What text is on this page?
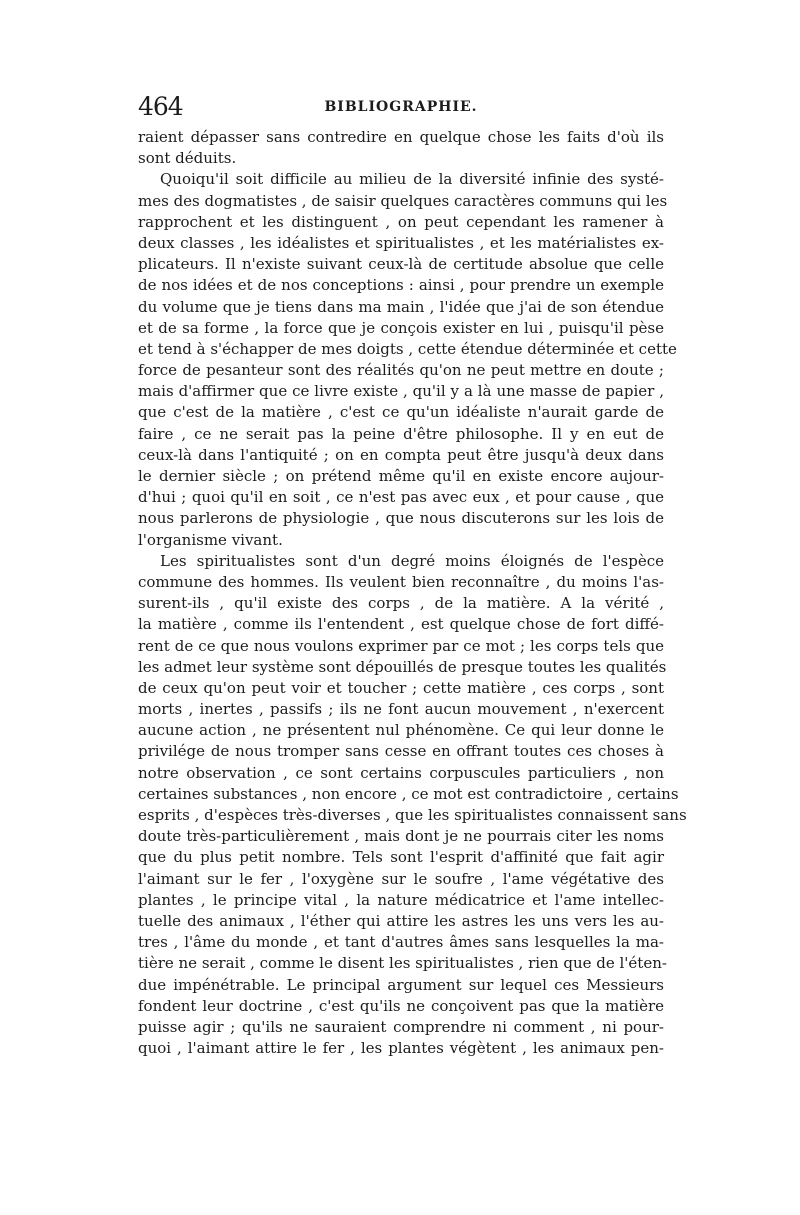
464	BIBLIOGRAPHIE.
raient dépasser sans contredire en quelque chose les faits d'où ils
sont déduits.
Quoiqu'il soit difficile au milieu de la diversité infinie des systé-
mes des dogmatistes , de saisir quelques caractères communs qui les
rapprochent et les distinguent , on peut cependant les ramener à
deux classes , les idéalistes et spiritualistes , et les matérialistes ex-
plicateurs. Il n'existe suivant ceux-là de certitude absolue que celle
de nos idées et de nos conceptions : ainsi , pour prendre un exemple
du volume que je tiens dans ma main , l'idée que j'ai de son étendue
et de sa forme , la force que je conçois exister en lui , puisqu'il pèse
et tend à s'échapper de mes doigts , cette étendue déterminée et cette
force de pesanteur sont des réalités qu'on ne peut mettre en doute ;
mais d'affirmer que ce livre existe , qu'il y a là une masse de papier ,
que c'est de la matière , c'est ce qu'un idéaliste n'aurait garde de
faire , ce ne serait pas la peine d'être philosophe. Il y en eut de
ceux-là dans l'antiquité ; on en compta peut être jusqu'à deux dans
le dernier siècle ; on prétend même qu'il en existe encore aujour-
d'hui ; quoi qu'il en soit , ce n'est pas avec eux , et pour cause , que
nous parlerons de physiologie , que nous discuterons sur les lois de
l'organisme vivant.
Les spiritualistes sont d'un degré moins éloignés de l'espèce
commune des hommes. Ils veulent bien reconnaître , du moins l'as-
surent-ils , qu'il existe des corps , de la matière. A la vérité ,
la matière , comme ils l'entendent , est quelque chose de fort diffé-
rent de ce que nous voulons exprimer par ce mot ; les corps tels que
les admet leur système sont dépouillés de presque toutes les qualités
de ceux qu'on peut voir et toucher ; cette matière , ces corps , sont
morts , inertes , passifs ; ils ne font aucun mouvement , n'exercent
aucune action , ne présentent nul phénomène. Ce qui leur donne le
privilége de nous tromper sans cesse en offrant toutes ces choses à
notre observation , ce sont certains corpuscules particuliers , non
certaines substances , non encore , ce mot est contradictoire , certains
esprits , d'espèces très-diverses , que les spiritualistes connaissent sans
doute très-particulièrement , mais dont je ne pourrais citer les noms
que du plus petit nombre. Tels sont l'esprit d'affinité que fait agir
l'aimant sur le fer , l'oxygène sur le soufre , l'ame végétative des
plantes , le principe vital , la nature médicatrice et l'ame intellec-
tuelle des animaux , l'éther qui attire les astres les uns vers les au-
tres , l'âme du monde , et tant d'autres âmes sans lesquelles la ma-
tière ne serait , comme le disent les spiritualistes , rien que de l'éten-
due impénétrable. Le principal argument sur lequel ces Messieurs
fondent leur doctrine , c'est qu'ils ne conçoivent pas que la matière
puisse agir ; qu'ils ne sauraient comprendre ni comment , ni pour-
quoi , l'aimant attire le fer , les plantes végètent , les animaux pen-
